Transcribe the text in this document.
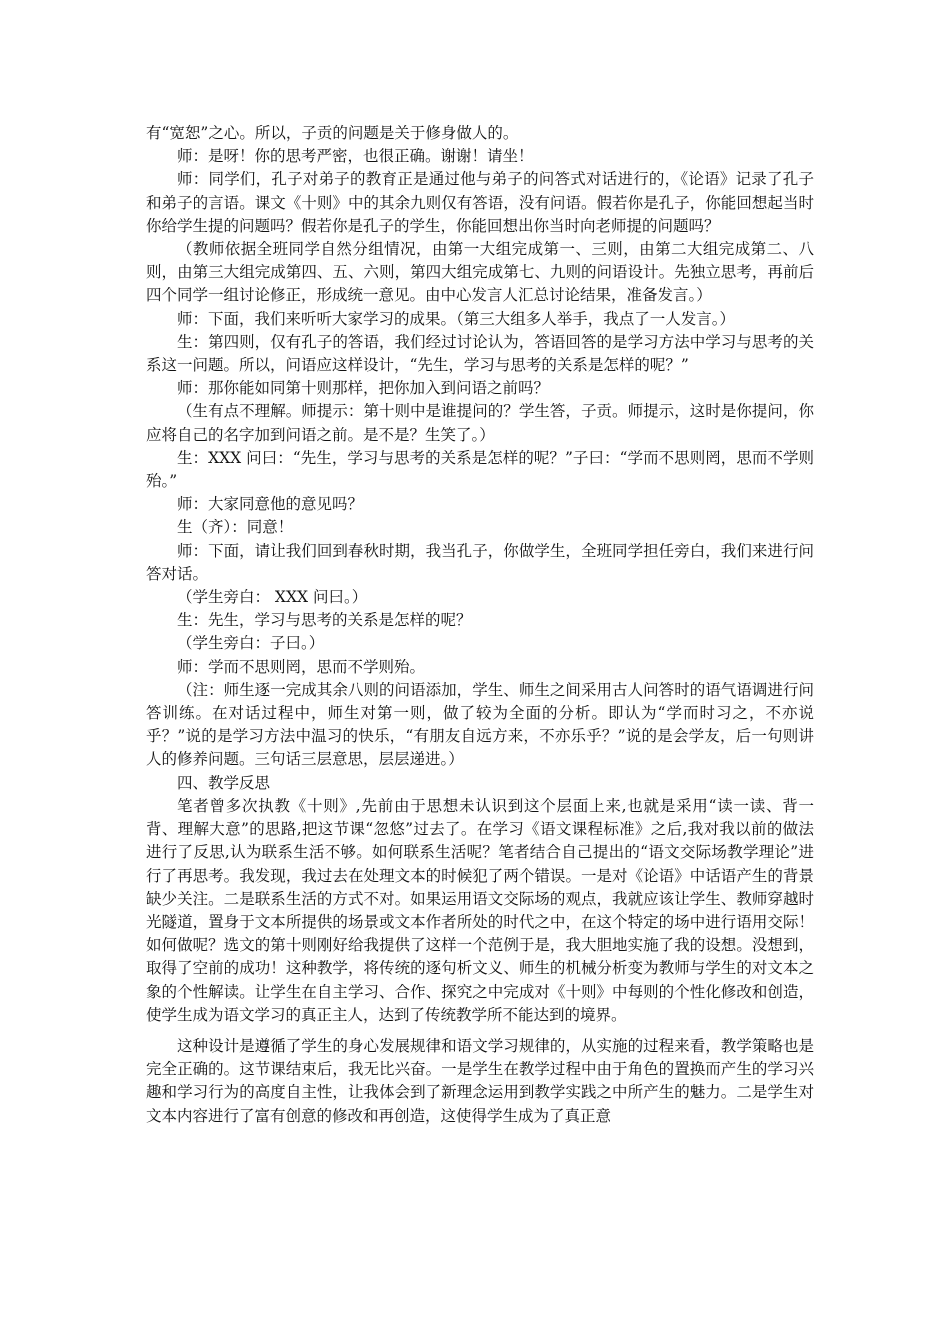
有“宽恕”之心。所以，子贡的问题是关于修身做人的。

师：是呀！你的思考严密，也很正确。谢谢！请坐！

师：同学们，孔子对弟子的教育正是通过他与弟子的问答式对话进行的，《论语》记录了孔子和弟子的言语。课文《十则》中的其余九则仅有答语，没有问语。假若你是孔子，你能回想起当时你给学生提的问题吗？假若你是孔子的学生，你能回想出你当时向老师提的问题吗？

（教师依据全班同学自然分组情况，由第一大组完成第一、三则，由第二大组完成第二、八则，由第三大组完成第四、五、六则，第四大组完成第七、九则的问语设计。先独立思考，再前后四个同学一组讨论修正，形成统一意见。由中心发言人汇总讨论结果，准备发言。）

师：下面，我们来听听大家学习的成果。（第三大组多人举手，我点了一人发言。）

生：第四则，仅有孔子的答语，我们经过讨论认为，答语回答的是学习方法中学习与思考的关系这一问题。所以，问语应这样设计，“先生，学习与思考的关系是怎样的呢？”

师：那你能如同第十则那样，把你加入到问语之前吗？

（生有点不理解。师提示：第十则中是谁提问的？学生答，子贡。师提示，这时是你提问，你应将自己的名字加到问语之前。是不是？生笑了。）

生：XXX 问曰：“先生，学习与思考的关系是怎样的呢？”子曰：“学而不思则罔，思而不学则殆。”

师：大家同意他的意见吗？

生（齐）：同意！

师：下面，请让我们回到春秋时期，我当孔子，你做学生，全班同学担任旁白，我们来进行问答对话。

（学生旁白： XXX 问曰。）

生：先生，学习与思考的关系是怎样的呢？

（学生旁白：子曰。）

师：学而不思则罔，思而不学则殆。

（注：师生逐一完成其余八则的问语添加，学生、师生之间采用古人问答时的语气语调进行问答训练。在对话过程中，师生对第一则，做了较为全面的分析。即认为“学而时习之，不亦说乎？”说的是学习方法中温习的快乐，“有朋友自远方来，不亦乐乎？”说的是会学友，后一句则讲人的修养问题。三句话三层意思，层层递进。）

四、教学反思

笔者曾多次执教《十则》,先前由于思想未认识到这个层面上来,也就是采用“读一读、背一背、理解大意”的思路,把这节课“忽悠”过去了。在学习《语文课程标准》之后,我对我以前的做法进行了反思,认为联系生活不够。如何联系生活呢？笔者结合自己提出的“语文交际场教学理论”进行了再思考。我发现，我过去在处理文本的时候犯了两个错误。一是对《论语》中话语产生的背景缺少关注。二是联系生活的方式不对。如果运用语文交际场的观点，我就应该让学生、教师穿越时光隧道，置身于文本所提供的场景或文本作者所处的时代之中，在这个特定的场中进行语用交际！如何做呢？选文的第十则刚好给我提供了这样一个范例于是，我大胆地实施了我的设想。没想到，取得了空前的成功！这种教学，将传统的逐句析文义、师生的机械分析变为教师与学生的对文本之象的个性解读。让学生在自主学习、合作、探究之中完成对《十则》中每则的个性化修改和创造，使学生成为语文学习的真正主人，达到了传统教学所不能达到的境界。

这种设计是遵循了学生的身心发展规律和语文学习规律的，从实施的过程来看，教学策略也是完全正确的。这节课结束后，我无比兴奋。一是学生在教学过程中由于角色的置换而产生的学习兴趣和学习行为的高度自主性，让我体会到了新理念运用到教学实践之中所产生的魅力。二是学生对文本内容进行了富有创意的修改和再创造，这使得学生成为了真正意
